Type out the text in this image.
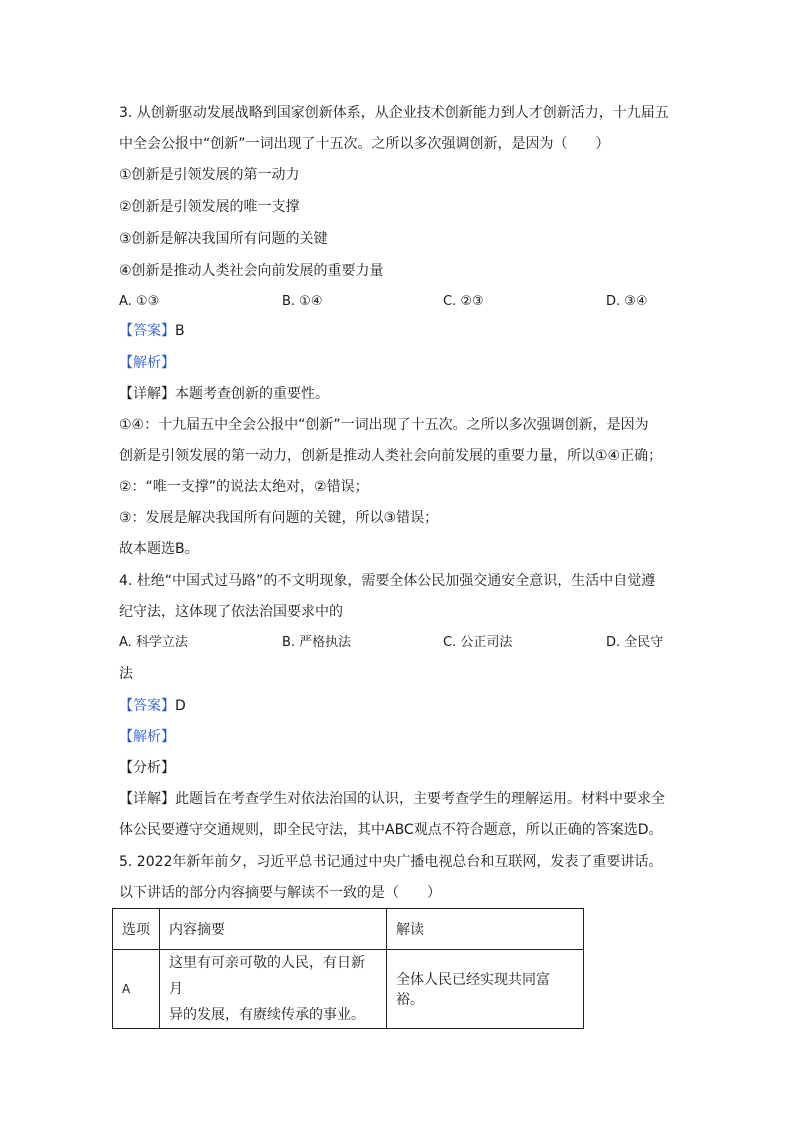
3. 从创新驱动发展战略到国家创新体系，从企业技术创新能力到人才创新活力，十九届五
中全会公报中“创新”一词出现了十五次。之所以多次强调创新，是因为（　　）
①创新是引领发展的第一动力
②创新是引领发展的唯一支撑
③创新是解决我国所有问题的关键
④创新是推动人类社会向前发展的重要力量
A. ①③	B. ①④	C. ②③	D. ③④
【答案】B
【解析】
【详解】本题考查创新的重要性。
①④：十九届五中全会公报中“创新”一词出现了十五次。之所以多次强调创新，是因为
创新是引领发展的第一动力，创新是推动人类社会向前发展的重要力量，所以①④正确；
②：“唯一支撑”的说法太绝对，②错误；
③：发展是解决我国所有问题的关键，所以③错误；
故本题选B。
4. 杜绝“中国式过马路”的不文明现象，需要全体公民加强交通安全意识，生活中自觉遵
纪守法，这体现了依法治国要求中的
A. 科学立法	B. 严格执法	C. 公正司法	D. 全民守
法
【答案】D
【解析】
【分析】
【详解】此题旨在考查学生对依法治国的认识，主要考查学生的理解运用。材料中要求全
体公民要遵守交通规则，即全民守法，其中ABC观点不符合题意，所以正确的答案选D。
5. 2022年新年前夕，习近平总书记通过中央广播电视总台和互联网，发表了重要讲话。
以下讲话的部分内容摘要与解读不一致的是（　　）
选项	内容摘要	解读
A	这里有可亲可敬的人民，有日新月
异的发展，有赓续传承的事业。	全体人民已经实现共同富裕。
